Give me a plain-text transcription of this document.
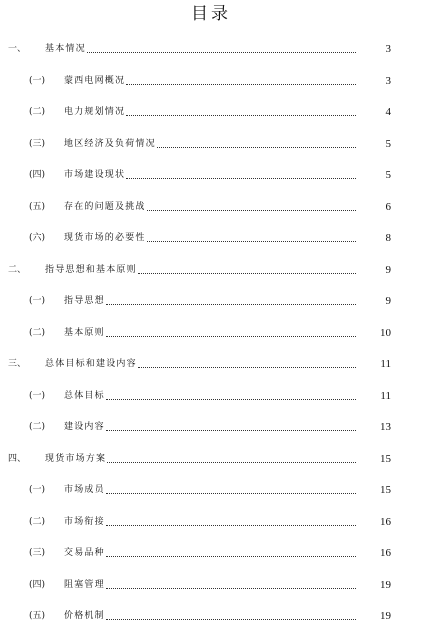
目录
一、	基本情况	3
(一)	蒙西电网概况	3
(二)	电力规划情况	4
(三)	地区经济及负荷情况	5
(四)	市场建设现状	5
(五)	存在的问题及挑战	6
(六)	现货市场的必要性	8
二、	指导思想和基本原则	9
(一)	指导思想	9
(二)	基本原则	10
三、	总体目标和建设内容	11
(一)	总体目标	11
(二)	建设内容	13
四、	现货市场方案	15
(一)	市场成员	15
(二)	市场衔接	16
(三)	交易品种	16
(四)	阻塞管理	19
(五)	价格机制	19
